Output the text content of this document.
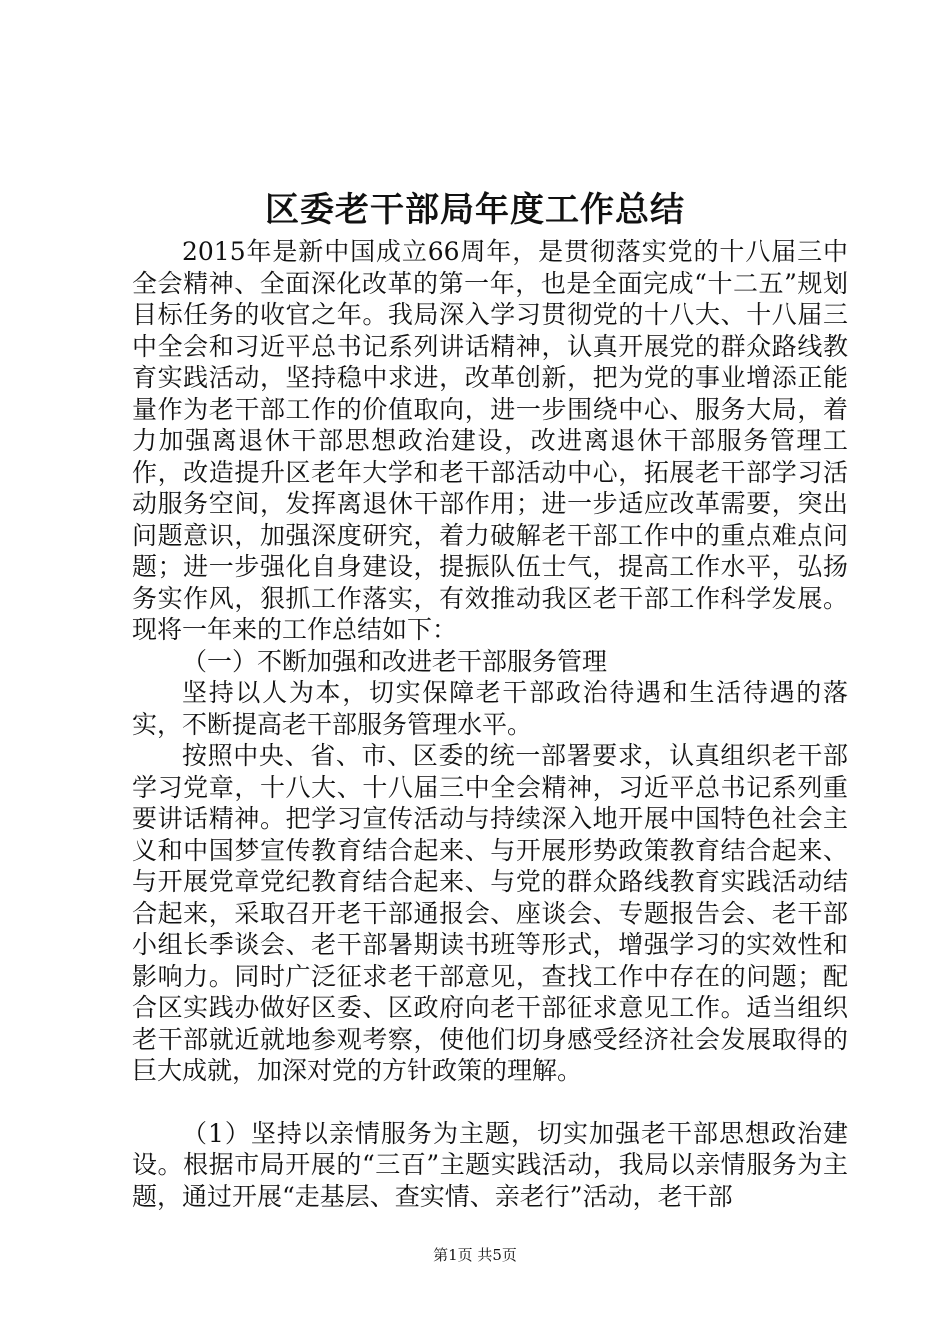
区委老干部局年度工作总结

2015年是新中国成立66周年，是贯彻落实党的十八届三中全会精神、全面深化改革的第一年，也是全面完成“十二五”规划目标任务的收官之年。我局深入学习贯彻党的十八大、十八届三中全会和习近平总书记系列讲话精神，认真开展党的群众路线教育实践活动，坚持稳中求进，改革创新，把为党的事业增添正能量作为老干部工作的价值取向，进一步围绕中心、服务大局，着力加强离退休干部思想政治建设，改进离退休干部服务管理工作，改造提升区老年大学和老干部活动中心，拓展老干部学习活动服务空间，发挥离退休干部作用；进一步适应改革需要，突出问题意识，加强深度研究，着力破解老干部工作中的重点难点问题；进一步强化自身建设，提振队伍士气，提高工作水平，弘扬务实作风，狠抓工作落实，有效推动我区老干部工作科学发展。现将一年来的工作总结如下：

（一）不断加强和改进老干部服务管理

坚持以人为本，切实保障老干部政治待遇和生活待遇的落实，不断提高老干部服务管理水平。

按照中央、省、市、区委的统一部署要求，认真组织老干部学习党章，十八大、十八届三中全会精神，习近平总书记系列重要讲话精神。把学习宣传活动与持续深入地开展中国特色社会主义和中国梦宣传教育结合起来、与开展形势政策教育结合起来、与开展党章党纪教育结合起来、与党的群众路线教育实践活动结合起来，采取召开老干部通报会、座谈会、专题报告会、老干部小组长季谈会、老干部暑期读书班等形式，增强学习的实效性和影响力。同时广泛征求老干部意见，查找工作中存在的问题；配合区实践办做好区委、区政府向老干部征求意见工作。适当组织老干部就近就地参观考察，使他们切身感受经济社会发展取得的巨大成就，加深对党的方针政策的理解。

（1）坚持以亲情服务为主题，切实加强老干部思想政治建设。根据市局开展的“三百”主题实践活动，我局以亲情服务为主题，通过开展“走基层、查实情、亲老行”活动，老干部

第1页 共5页
